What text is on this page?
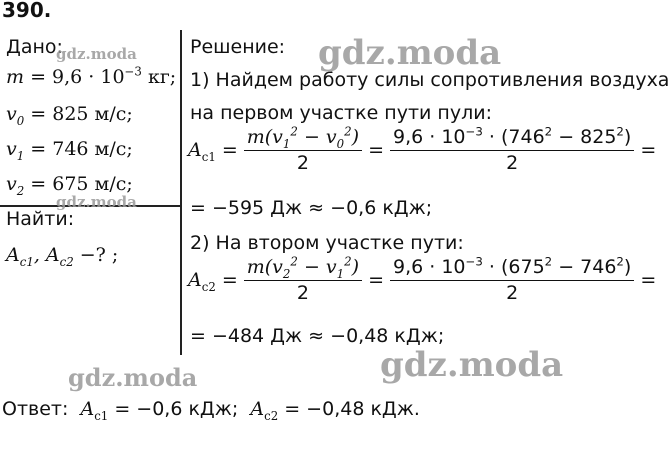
390.
Дано:
$m = 9,6 \cdot 10^{-3}$ кг;
$v_0 = 825$ м/с;
$v_1 = 746$ м/с;
$v_2 = 675$ м/с;
Найти:
$A_{c1}$, $A_{c2}$ −? ;
Решение:
1) Найдем работу силы сопротивления воздуха
на первом участке пути пули:
$A_{c1} = \frac{m(v_1^2 - v_0^2)}{2} = \frac{9,6 \cdot 10^{-3} \cdot (746^2 - 825^2)}{2}$ =
= −595 Дж ≈ −0,6 кДж;
2) На втором участке пути:
$A_{c2} = \frac{m(v_2^2 - v_1^2)}{2} = \frac{9,6 \cdot 10^{-3} \cdot (675^2 - 746^2)}{2}$ =
= −484 Дж ≈ −0,48 кДж;
Ответ:  $A_{c1} = -0,6$ кДж;  $A_{c2} = -0,48$ кДж.
gdz.moda
gdz.moda
gdz.moda
gdz.moda
gdz.moda
